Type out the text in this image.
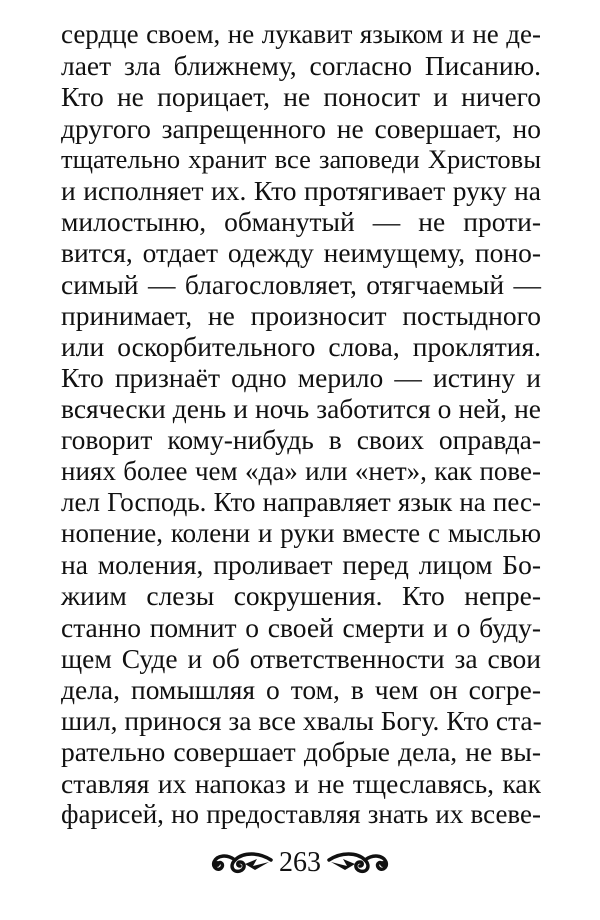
сердце своем, не лукавит языком и не де-
лает зла ближнему, согласно Писанию.
Кто не порицает, не поносит и ничего
другого запрещенного не совершает, но
тщательно хранит все заповеди Христовы
и исполняет их. Кто протягивает руку на
милостыню, обманутый — не проти-
вится, отдает одежду неимущему, поно-
симый — благословляет, отягчаемый —
принимает, не произносит постыдного
или оскорбительного слова, проклятия.
Кто признаёт одно мерило — истину и
всячески день и ночь заботится о ней, не
говорит кому-нибудь в своих оправда-
ниях более чем «да» или «нет», как пове-
лел Господь. Кто направляет язык на пес-
нопение, колени и руки вместе с мыслью
на моления, проливает перед лицом Бо-
жиим слезы сокрушения. Кто непре-
станно помнит о своей смерти и о буду-
щем Суде и об ответственности за свои
дела, помышляя о том, в чем он согре-
шил, принося за все хвалы Богу. Кто ста-
рательно совершает добрые дела, не вы-
ставляя их напоказ и не тщеславясь, как
фарисей, но предоставляя знать их всеве-
263
